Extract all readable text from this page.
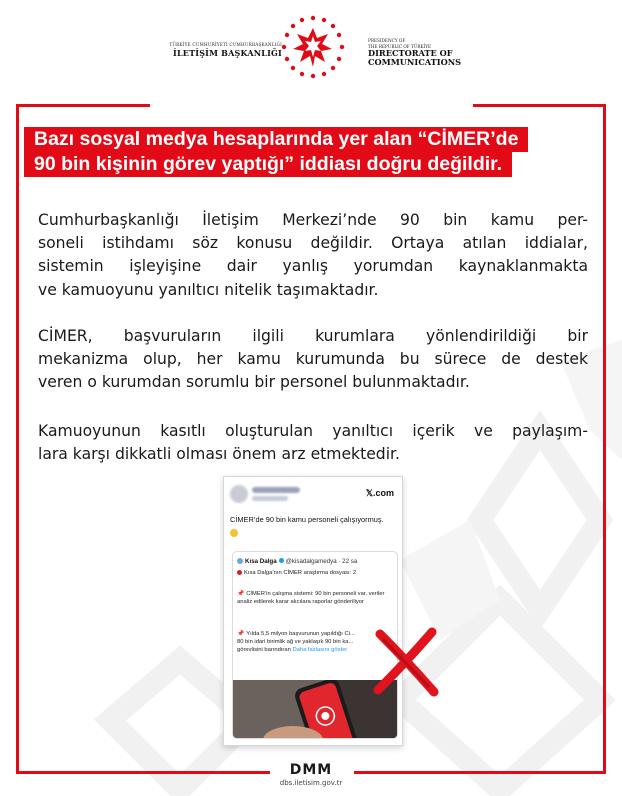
TÜRKİYE CUMHURİYETİ CUMHURBAŞKANLIĞI
İLETİŞİM BAŞKANLIĞI
PRESIDENCY OF
THE REPUBLIC OF TÜRKİYE
DIRECTORATE OF
COMMUNICATIONS
Bazı sosyal medya hesaplarında yer alan “CİMER’de
90 bin kişinin görev yaptığı” iddiası doğru değildir.
Cumhurbaşkanlığı İletişim Merkezi’nde 90 bin kamu per-
soneli istihdamı söz konusu değildir. Ortaya atılan iddialar,
sistemin işleyişine dair yanlış yorumdan kaynaklanmakta
ve kamuoyunu yanıltıcı nitelik taşımaktadır.
CİMER, başvuruların ilgili kurumlara yönlendirildiği bir
mekanizma olup, her kamu kurumunda bu sürece de destek
veren o kurumdan sorumlu bir personel bulunmaktadır.
Kamuoyunun kasıtlı oluşturulan yanıltıcı içerik ve paylaşım-
lara karşı dikkatli olması önem arz etmektedir.
𝕏.com
CİMER’de 90 bin kamu personeli çalışıyormuş.
Kısa Dalga @kisadalgamedya · 22 sa
Kısa Dalga’nın CİMER araştırma dosyası: 2
📌 CİMER’in çalışma sistemi: 90 bin personeli var, veriler analiz edilerek karar alıcılara raporlar gönderiliyor
📌 Yılda 5,5 milyon başvurunun yapıldığı Ci...
80 bin idari birimlik ağ ve yaklaşık 90 bin ka...
görevlisini barındıran Daha fazlasını göster
DMM
dbs.iletisim.gov.tr
